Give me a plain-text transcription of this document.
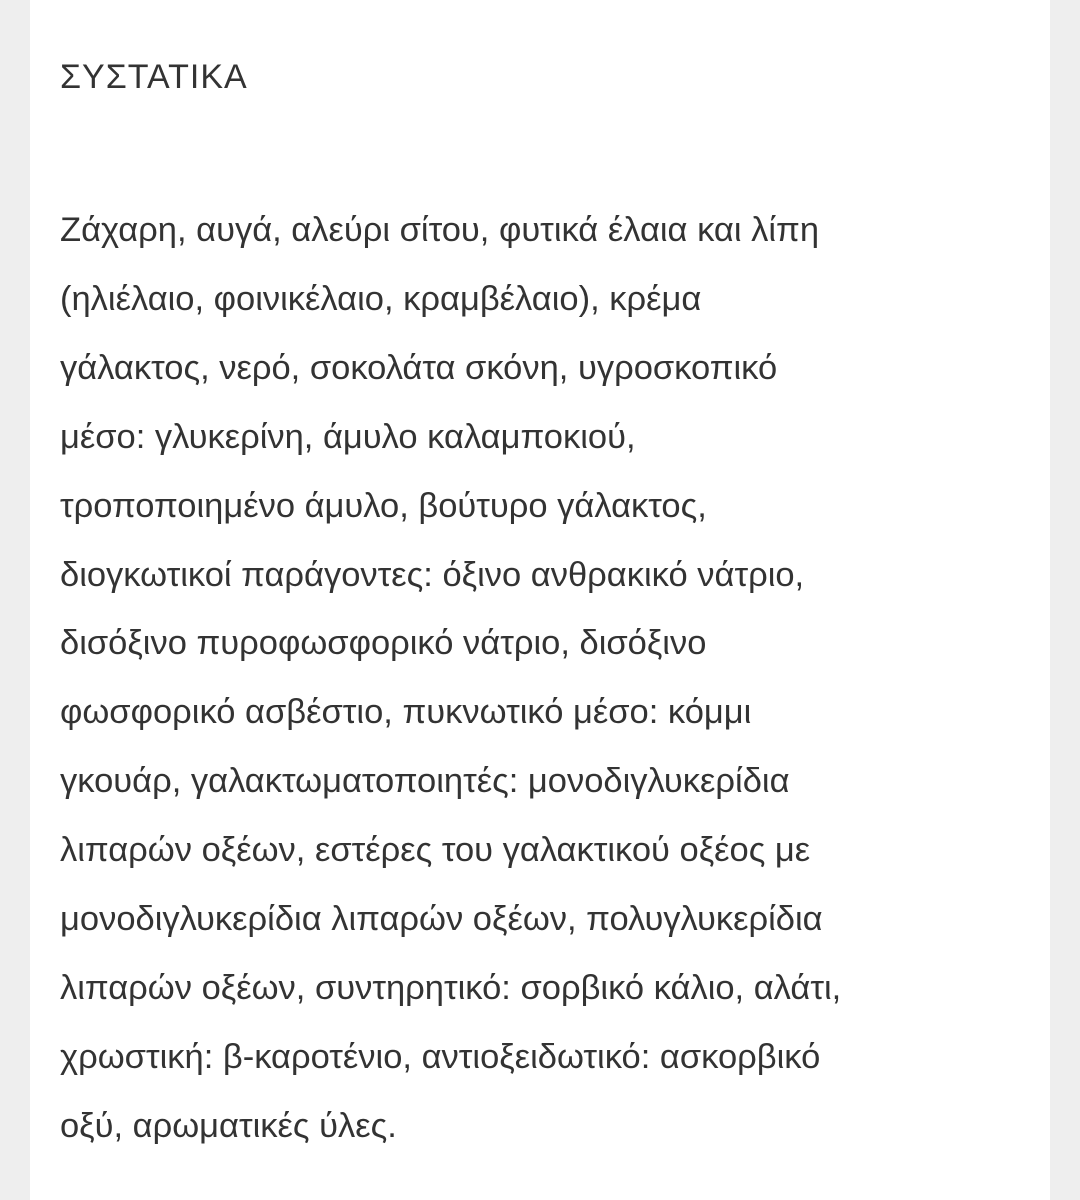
ΣΥΣΤΑΤΙΚΑ

Ζάχαρη, αυγά, αλεύρι σίτου, φυτικά έλαια και λίπη
(ηλιέλαιο, φοινικέλαιο, κραμβέλαιο), κρέμα
γάλακτος, νερό, σοκολάτα σκόνη, υγροσκοπικό
μέσο: γλυκερίνη, άμυλο καλαμποκιού,
τροποποιημένο άμυλο, βούτυρο γάλακτος,
διογκωτικοί παράγοντες: όξινο ανθρακικό νάτριο,
δισόξινο πυροφωσφορικό νάτριο, δισόξινο
φωσφορικό ασβέστιο, πυκνωτικό μέσο: κόμμι
γκουάρ, γαλακτωματοποιητές: μονοδιγλυκερίδια
λιπαρών οξέων, εστέρες του γαλακτικού οξέος με
μονοδιγλυκερίδια λιπαρών οξέων, πολυγλυκερίδια
λιπαρών οξέων, συντηρητικό: σορβικό κάλιο, αλάτι,
χρωστική: β-καροτένιο, αντιοξειδωτικό: ασκορβικό
οξύ, αρωματικές ύλες.
